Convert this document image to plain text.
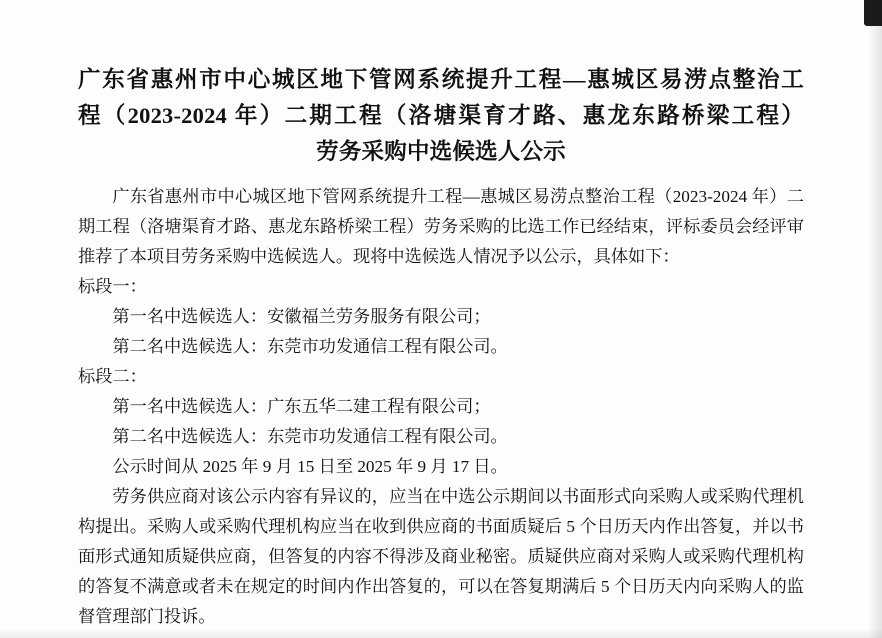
广东省惠州市中心城区地下管网系统提升工程—惠城区易涝点整治工
程（2023-2024 年）二期工程（洛塘渠育才路、惠龙东路桥梁工程）
劳务采购中选候选人公示

广东省惠州市中心城区地下管网系统提升工程—惠城区易涝点整治工程（2023-2024 年）二期工程（洛塘渠育才路、惠龙东路桥梁工程）劳务采购的比选工作已经结束，评标委员会经评审推荐了本项目劳务采购中选候选人。现将中选候选人情况予以公示，具体如下：

标段一：

第一名中选候选人：安徽福兰劳务服务有限公司；

第二名中选候选人：东莞市功发通信工程有限公司。

标段二：

第一名中选候选人：广东五华二建工程有限公司；

第二名中选候选人：东莞市功发通信工程有限公司。

公示时间从 2025 年 9 月 15 日至 2025 年 9 月 17 日。

劳务供应商对该公示内容有异议的，应当在中选公示期间以书面形式向采购人或采购代理机构提出。采购人或采购代理机构应当在收到供应商的书面质疑后 5 个日历天内作出答复，并以书面形式通知质疑供应商，但答复的内容不得涉及商业秘密。质疑供应商对采购人或采购代理机构的答复不满意或者未在规定的时间内作出答复的，可以在答复期满后 5 个日历天内向采购人的监督管理部门投诉。
